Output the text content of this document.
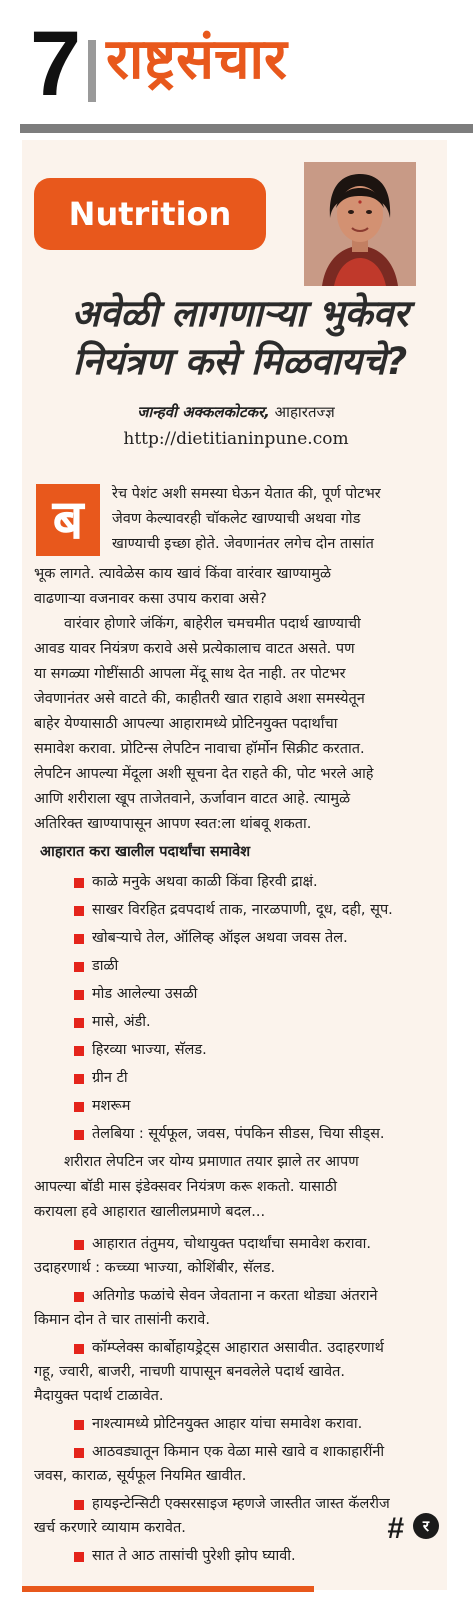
7 राष्ट्रसंचार
Nutrition
अवेळी लागणाऱ्या भुकेवर
नियंत्रण कसे मिळवायचे?
जान्हवी अक्कलकोटकर, आहारतज्ज्ञ
http://dietitianinpune.com
ब	रेच पेशंट अशी समस्या घेऊन येतात की, पूर्ण पोटभर
जेवण केल्यावरही चॉकलेट खाण्याची अथवा गोड
खाण्याची इच्छा होते. जेवणानंतर लगेच दोन तासांत
भूक लागते. त्यावेळेस काय खावं किंवा वारंवार खाण्यामुळे
वाढणाऱ्या वजनावर कसा उपाय करावा असे?
वारंवार होणारे जंकिंग, बाहेरील चमचमीत पदार्थ खाण्याची
आवड यावर नियंत्रण करावे असे प्रत्येकालाच वाटत असते. पण
या सगळ्या गोष्टींसाठी आपला मेंदू साथ देत नाही. तर पोटभर
जेवणानंतर असे वाटते की, काहीतरी खात राहावे अशा समस्येतून
बाहेर येण्यासाठी आपल्या आहारामध्ये प्रोटिनयुक्त पदार्थांचा
समावेश करावा. प्रोटिन्स लेपटिन नावाचा हॉर्मोन सिक्रीट करतात.
लेपटिन आपल्या मेंदूला अशी सूचना देत राहते की, पोट भरले आहे
आणि शरीराला खूप ताजेतवाने, ऊर्जावान वाटत आहे. त्यामुळे
अतिरिक्त खाण्यापासून आपण स्वत:ला थांबवू शकता.
आहारात करा खालील पदार्थांचा समावेश
काळे मनुके अथवा काळी किंवा हिरवी द्राक्षं.
साखर विरहित द्रवपदार्थ ताक, नारळपाणी, दूध, दही, सूप.
खोबऱ्याचे तेल, ऑलिव्ह ऑइल अथवा जवस तेल.
डाळी
मोड आलेल्या उसळी
मासे, अंडी.
हिरव्या भाज्या, सॅलड.
ग्रीन टी
मशरूम
तेलबिया : सूर्यफूल, जवस, पंपकिन सीडस, चिया सीड्स.
शरीरात लेपटिन जर योग्य प्रमाणात तयार झाले तर आपण
आपल्या बॉडी मास इंडेक्सवर नियंत्रण करू शकतो. यासाठी
करायला हवे आहारात खालीलप्रमाणे बदल...
आहारात तंतुमय, चोथायुक्त पदार्थांचा समावेश करावा.
उदाहरणार्थ : कच्च्या भाज्या, कोशिंबीर, सॅलड.
अतिगोड फळांचे सेवन जेवताना न करता थोड्या अंतराने
किमान दोन ते चार तासांनी करावे.
कॉम्प्लेक्स कार्बोहायड्रेट्स आहारात असावीत. उदाहरणार्थ
गहू, ज्वारी, बाजरी, नाचणी यापासून बनवलेले पदार्थ खावेत.
मैदायुक्त पदार्थ टाळावेत.
नाश्त्यामध्ये प्रोटिनयुक्त आहार यांचा समावेश करावा.
आठवड्यातून किमान एक वेळा मासे खावे व शाकाहारींनी
जवस, काराळ, सूर्यफूल नियमित खावीत.
हायइन्टेन्सिटी एक्सरसाइज म्हणजे जास्तीत जास्त कॅलरीज
खर्च करणारे व्यायाम करावेत.
सात ते आठ तासांची पुरेशी झोप घ्यावी.
#	र
